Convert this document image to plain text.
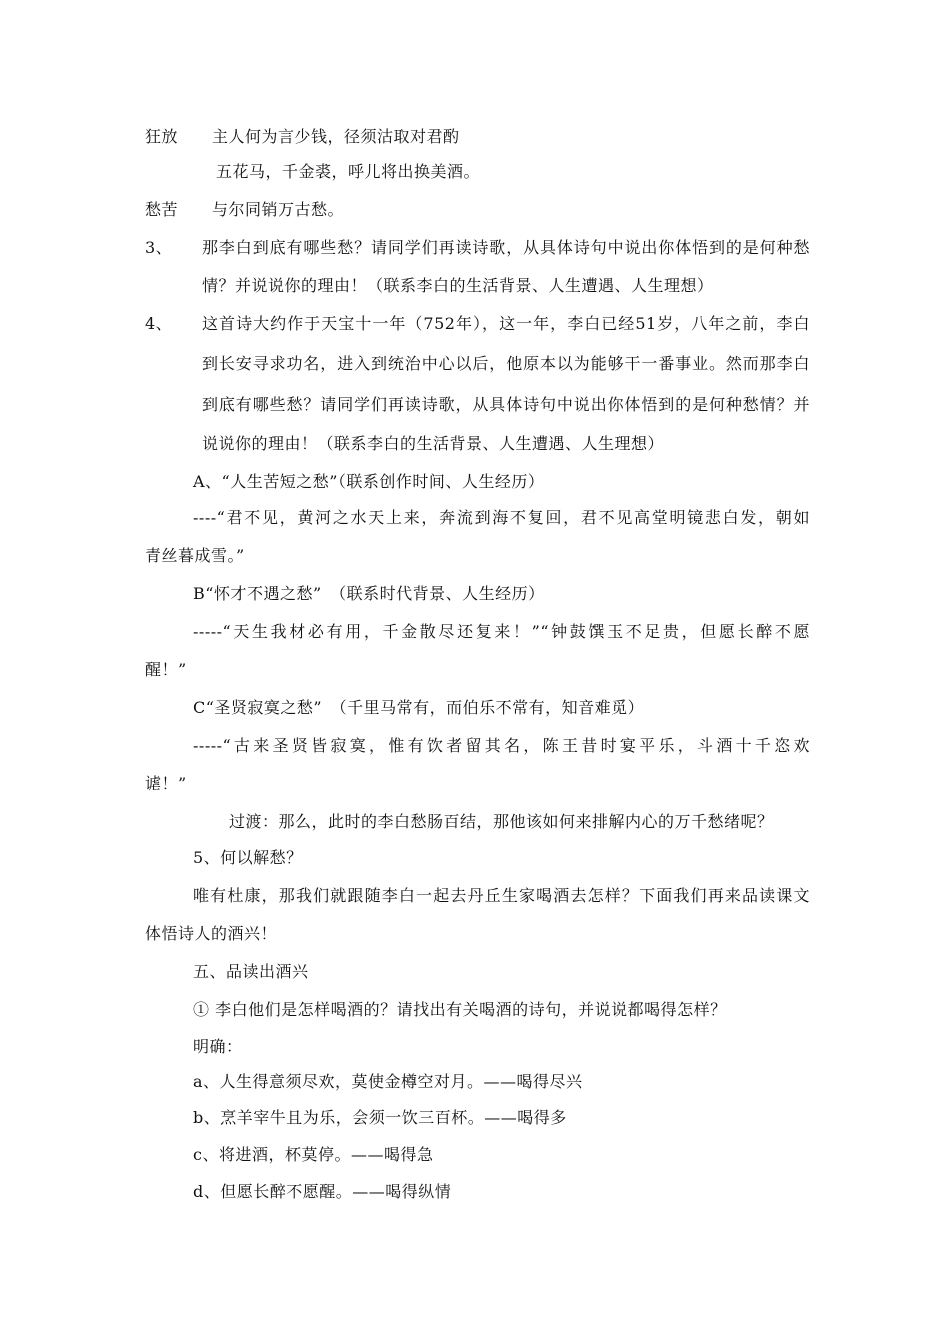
狂放 主人何为言少钱，径须沽取对君酌
五花马，千金裘，呼儿将出换美酒。
愁苦 与尔同销万古愁。
3、 那李白到底有哪些愁？请同学们再读诗歌，从具体诗句中说出你体悟到的是何种愁
情？并说说你的理由！（联系李白的生活背景、人生遭遇、人生理想）
4、 这首诗大约作于天宝十一年（752年），这一年，李白已经51岁，八年之前，李白
到长安寻求功名，进入到统治中心以后，他原本以为能够干一番事业。然而那李白
到底有哪些愁？请同学们再读诗歌，从具体诗句中说出你体悟到的是何种愁情？并
说说你的理由！（联系李白的生活背景、人生遭遇、人生理想）
A、“人生苦短之愁”（联系创作时间、人生经历）
----“君不见，黄河之水天上来，奔流到海不复回，君不见高堂明镜悲白发，朝如
青丝暮成雪。”
B“怀才不遇之愁”　（联系时代背景、人生经历）
-----“天生我材必有用，千金散尽还复来！”“钟鼓馔玉不足贵，但愿长醉不愿
醒！”
C“圣贤寂寞之愁”　（千里马常有，而伯乐不常有，知音难觅）
-----“古来圣贤皆寂寞，惟有饮者留其名，陈王昔时宴平乐，斗酒十千恣欢
谑！”
过渡：那么，此时的李白愁肠百结，那他该如何来排解内心的万千愁绪呢？
5、何以解愁？
唯有杜康，那我们就跟随李白一起去丹丘生家喝酒去怎样？下面我们再来品读课文
体悟诗人的酒兴！
五、品读出酒兴
① 李白他们是怎样喝酒的？请找出有关喝酒的诗句，并说说都喝得怎样？
明确：
a、人生得意须尽欢，莫使金樽空对月。——喝得尽兴
b、烹羊宰牛且为乐，会须一饮三百杯。——喝得多
c、将进酒，杯莫停。——喝得急
d、但愿长醉不愿醒。——喝得纵情
